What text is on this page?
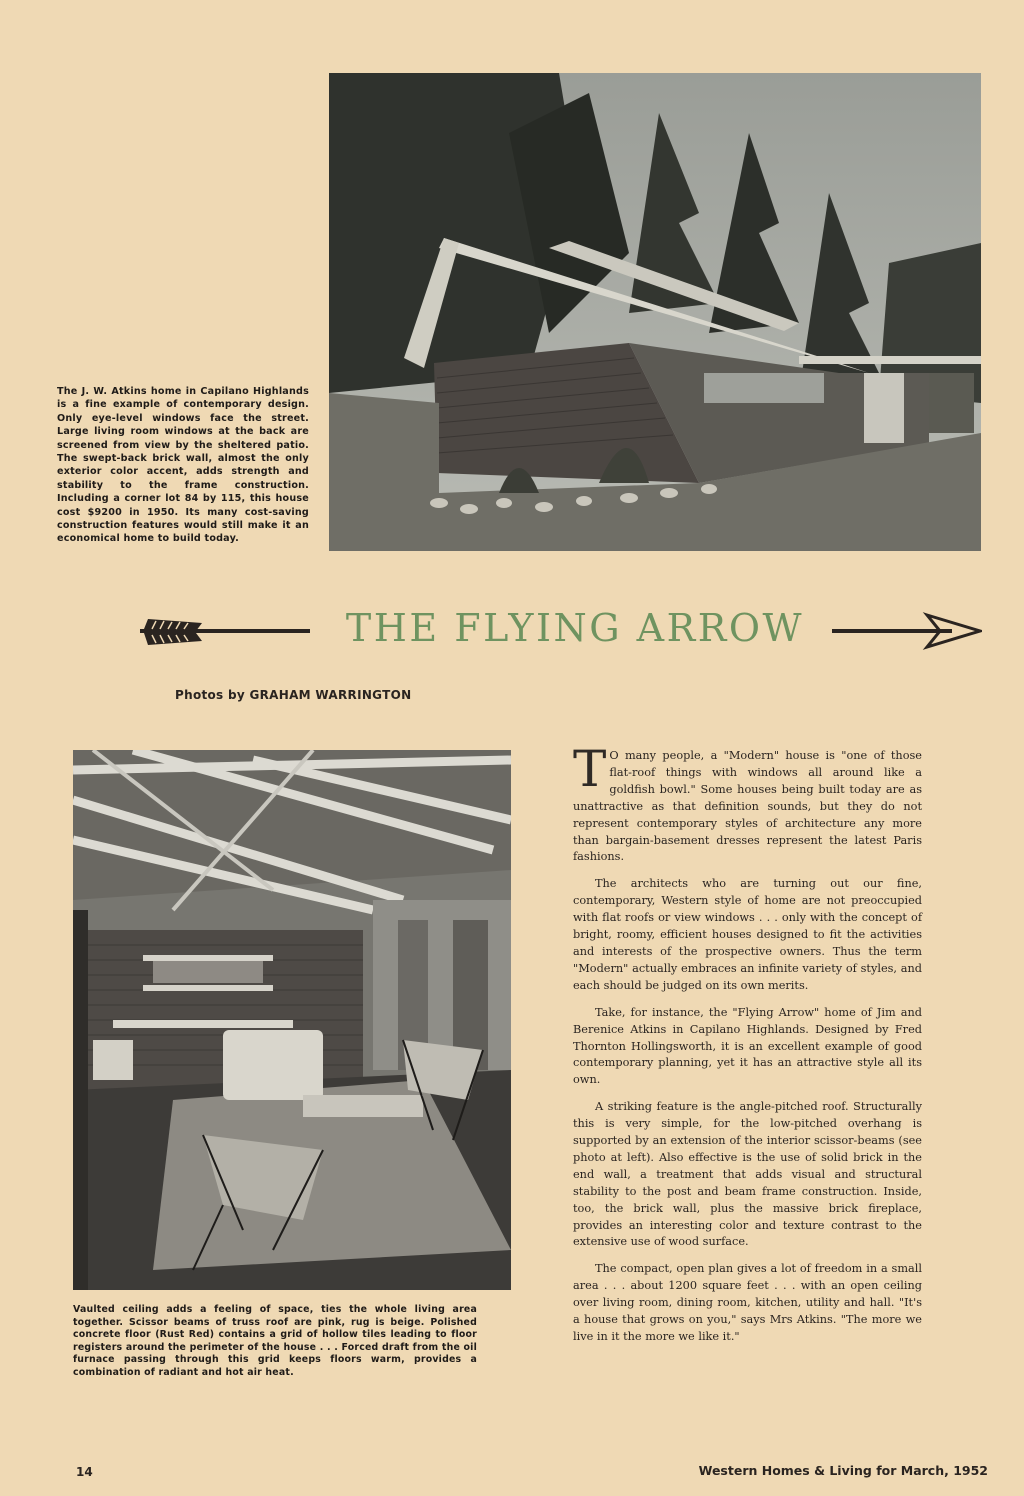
The J. W. Atkins home in Capilano Highlands is a fine example of contemporary design. Only eye-level windows face the street. Large living room windows at the back are screened from view by the sheltered patio. The swept-back brick wall, almost the only exterior color accent, adds strength and stability to the frame construction. Including a corner lot 84 by 115, this house cost $9200 in 1950. Its many cost-saving construction features would still make it an economical home to build today.
THE FLYING ARROW
Photos by GRAHAM WARRINGTON
Vaulted ceiling adds a feeling of space, ties the whole living area together. Scissor beams of truss roof are pink, rug is beige. Polished concrete floor (Rust Red) contains a grid of hollow tiles leading to floor registers around the perimeter of the house . . . Forced draft from the oil furnace passing through this grid keeps floors warm, provides a combination of radiant and hot air heat.

T O many people, a "Modern" house is "one of those flat-roof things with windows all around like a goldfish bowl." Some houses being built today are as unattractive as that definition sounds, but they do not represent contemporary styles of architecture any more than bargain-basement dresses represent the latest Paris fashions.

The architects who are turning out our fine, contemporary, Western style of home are not preoccupied with flat roofs or view windows . . . only with the concept of bright, roomy, efficient houses designed to fit the activities and interests of the prospective owners. Thus the term "Modern" actually embraces an infinite variety of styles, and each should be judged on its own merits.

Take, for instance, the "Flying Arrow" home of Jim and Berenice Atkins in Capilano Highlands. Designed by Fred Thornton Hollingsworth, it is an excellent example of good contemporary planning, yet it has an attractive style all its own.

A striking feature is the angle-pitched roof. Structurally this is very simple, for the low-pitched overhang is supported by an extension of the interior scissor-beams (see photo at left). Also effective is the use of solid brick in the end wall, a treatment that adds visual and structural stability to the post and beam frame construction. Inside, too, the brick wall, plus the massive brick fireplace, provides an interesting color and texture contrast to the extensive use of wood surface.

The compact, open plan gives a lot of freedom in a small area . . . about 1200 square feet . . . with an open ceiling over living room, dining room, kitchen, utility and hall. "It's a house that grows on you," says Mrs Atkins. "The more we live in it the more we like it."

14	Western Homes & Living for March, 1952
